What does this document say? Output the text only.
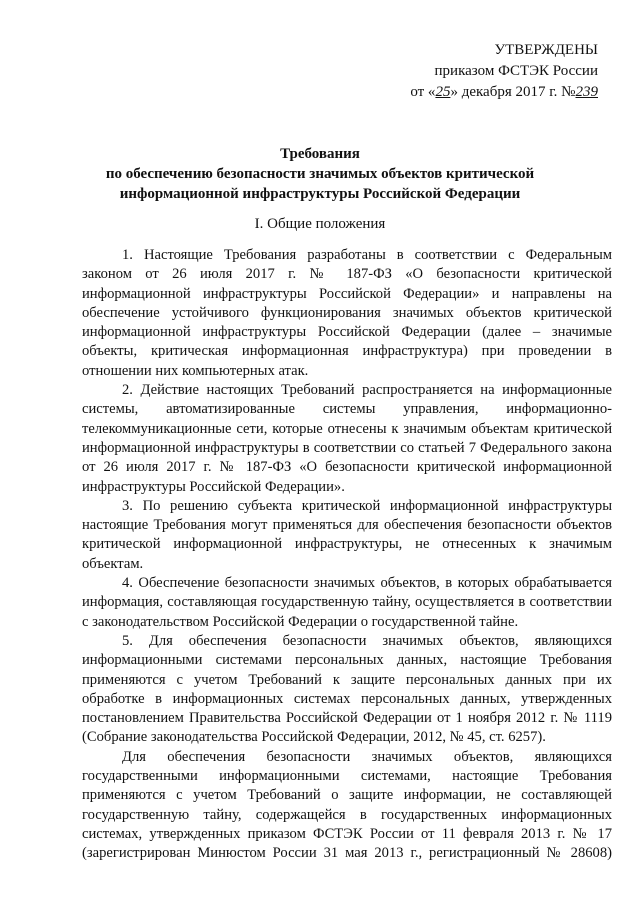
УТВЕРЖДЕНЫ
приказом ФСТЭК России
от «25» декабря 2017 г. №239
Требования
по обеспечению безопасности значимых объектов критической
информационной инфраструктуры Российской Федерации
I. Общие положения

1. Настоящие Требования разработаны в соответствии с Федеральным законом от 26 июля 2017 г. № 187-ФЗ «О безопасности критической информационной инфраструктуры Российской Федерации» и направлены на обеспечение устойчивого функционирования значимых объектов критической информационной инфраструктуры Российской Федерации (далее – значимые объекты, критическая информационная инфраструктура) при проведении в отношении них компьютерных атак.

2. Действие настоящих Требований распространяется на информационные системы, автоматизированные системы управления, информационно-телекоммуникационные сети, которые отнесены к значимым объектам критической информационной инфраструктуры в соответствии со статьей 7 Федерального закона от 26 июля 2017 г. № 187-ФЗ «О безопасности критической информационной инфраструктуры Российской Федерации».

3. По решению субъекта критической информационной инфраструктуры настоящие Требования могут применяться для обеспечения безопасности объектов критической информационной инфраструктуры, не отнесенных к значимым объектам.

4. Обеспечение безопасности значимых объектов, в которых обрабатывается информация, составляющая государственную тайну, осуществляется в соответствии с законодательством Российской Федерации о государственной тайне.

5. Для обеспечения безопасности значимых объектов, являющихся информационными системами персональных данных, настоящие Требования применяются с учетом Требований к защите персональных данных при их обработке в информационных системах персональных данных, утвержденных постановлением Правительства Российской Федерации от 1 ноября 2012 г. № 1119 (Собрание законодательства Российской Федерации, 2012, № 45, ст. 6257).

Для обеспечения безопасности значимых объектов, являющихся государственными информационными системами, настоящие Требования применяются с учетом Требований о защите информации, не составляющей государственную тайну, содержащейся в государственных информационных системах, утвержденных приказом ФСТЭК России от 11 февраля 2013 г. № 17 (зарегистрирован Минюстом России 31 мая 2013 г., регистрационный № 28608)
